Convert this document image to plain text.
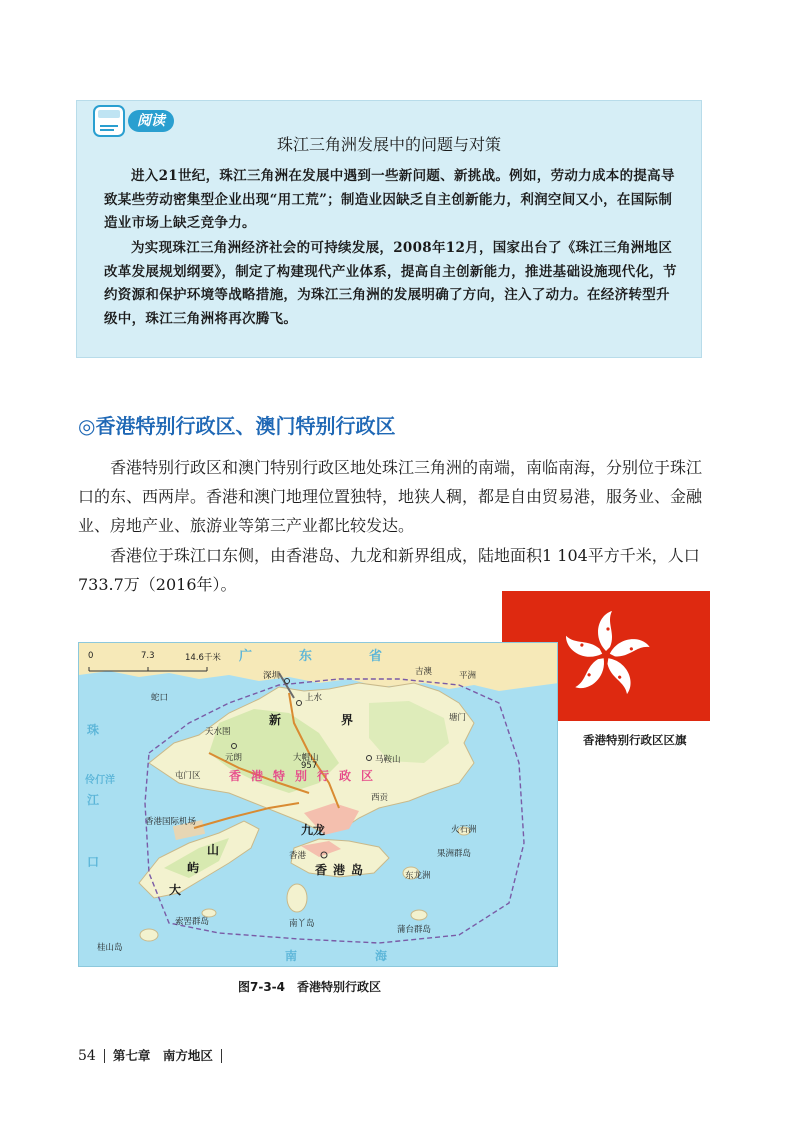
阅读
珠江三角洲发展中的问题与对策
进入21世纪，珠江三角洲在发展中遇到一些新问题、新挑战。例如，劳动力成本的提高导致某些劳动密集型企业出现“用工荒”；制造业因缺乏自主创新能力，利润空间又小，在国际制造业市场上缺乏竞争力。
为实现珠江三角洲经济社会的可持续发展，2008年12月，国家出台了《珠江三角洲地区改革发展规划纲要》，制定了构建现代产业体系，提高自主创新能力，推进基础设施现代化，节约资源和保护环境等战略措施，为珠江三角洲的发展明确了方向，注入了动力。在经济转型升级中，珠江三角洲将再次腾飞。
◎香港特别行政区、澳门特别行政区
香港特别行政区和澳门特别行政区地处珠江三角洲的南端，南临南海，分别位于珠江口的东、西两岸。香港和澳门地理位置独特，地狭人稠，都是自由贸易港，服务业、金融业、房地产业、旅游业等第三产业都比较发达。
香港位于珠江口东侧，由香港岛、九龙和新界组成，陆地面积1 104平方千米，人口733.7万（2016年）。
香港特别行政区区旗
0	7.3	14.6千米 广	东	省
深圳
上水
蛇口
天水围
元朗
屯门区
大帽山
957
马鞍山
西贡
吉澳	平洲
塘门
香港国际机场
香港
火石洲
果洲群岛
东龙洲
索罟群岛	南丫岛
蒲台群岛
桂山岛
新	界
香港特别行政区
九龙
香港岛
大
屿
山
珠
江
口
伶仃洋
南	海
图7-3-4　香港特别行政区
54 第七章　南方地区
